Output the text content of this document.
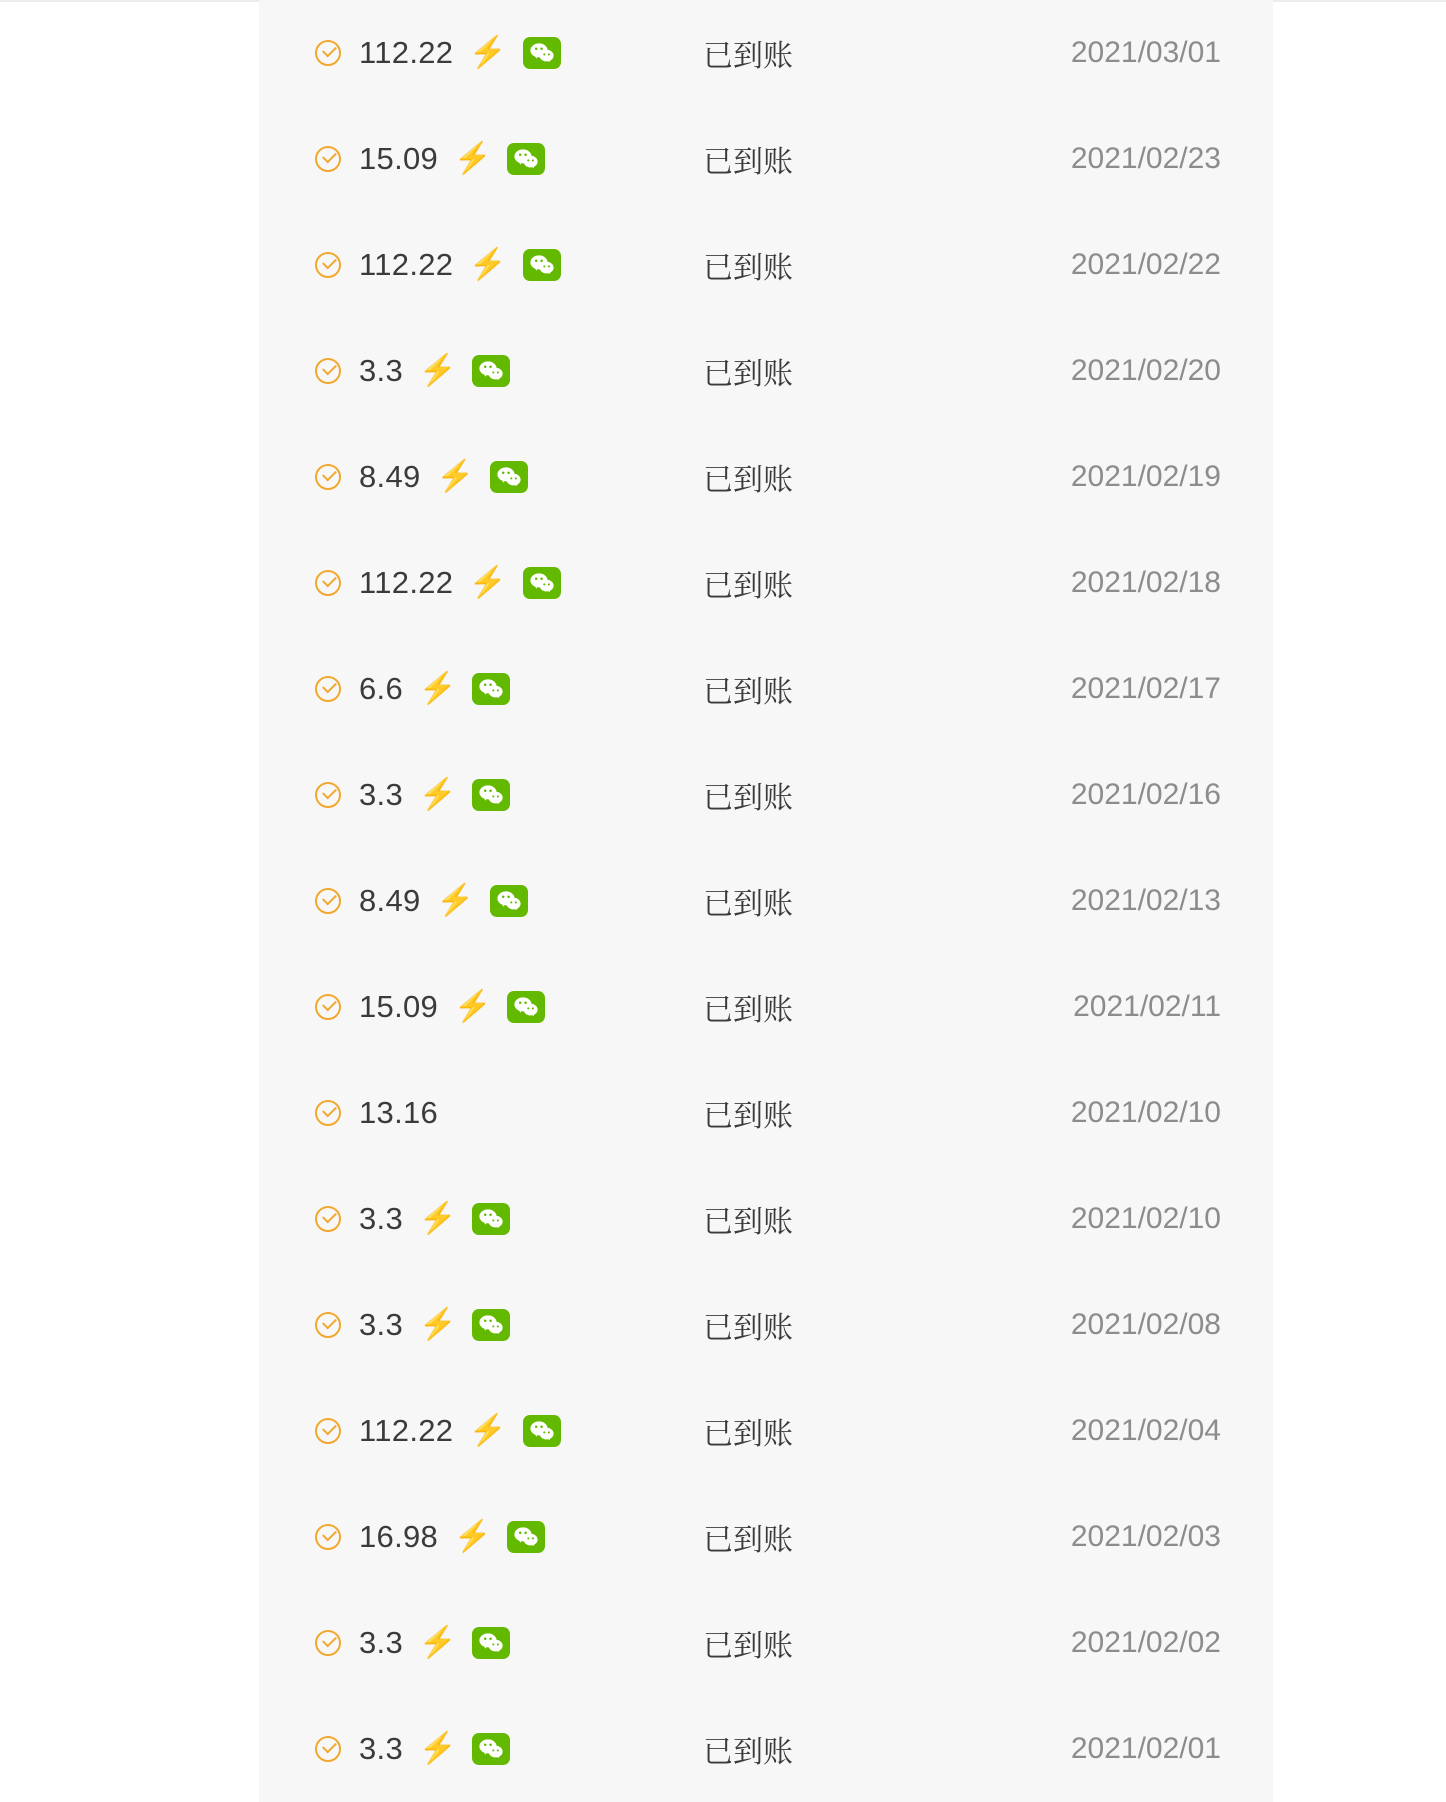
112.22 ⚡	已到账	2021/03/01
15.09 ⚡	已到账	2021/02/23
112.22 ⚡	已到账	2021/02/22
3.3 ⚡	已到账	2021/02/20
8.49 ⚡	已到账	2021/02/19
112.22 ⚡	已到账	2021/02/18
6.6 ⚡	已到账	2021/02/17
3.3 ⚡	已到账	2021/02/16
8.49 ⚡	已到账	2021/02/13
15.09 ⚡	已到账	2021/02/11
13.16	已到账	2021/02/10
3.3 ⚡	已到账	2021/02/10
3.3 ⚡	已到账	2021/02/08
112.22 ⚡	已到账	2021/02/04
16.98 ⚡	已到账	2021/02/03
3.3 ⚡	已到账	2021/02/02
3.3 ⚡	已到账	2021/02/01
